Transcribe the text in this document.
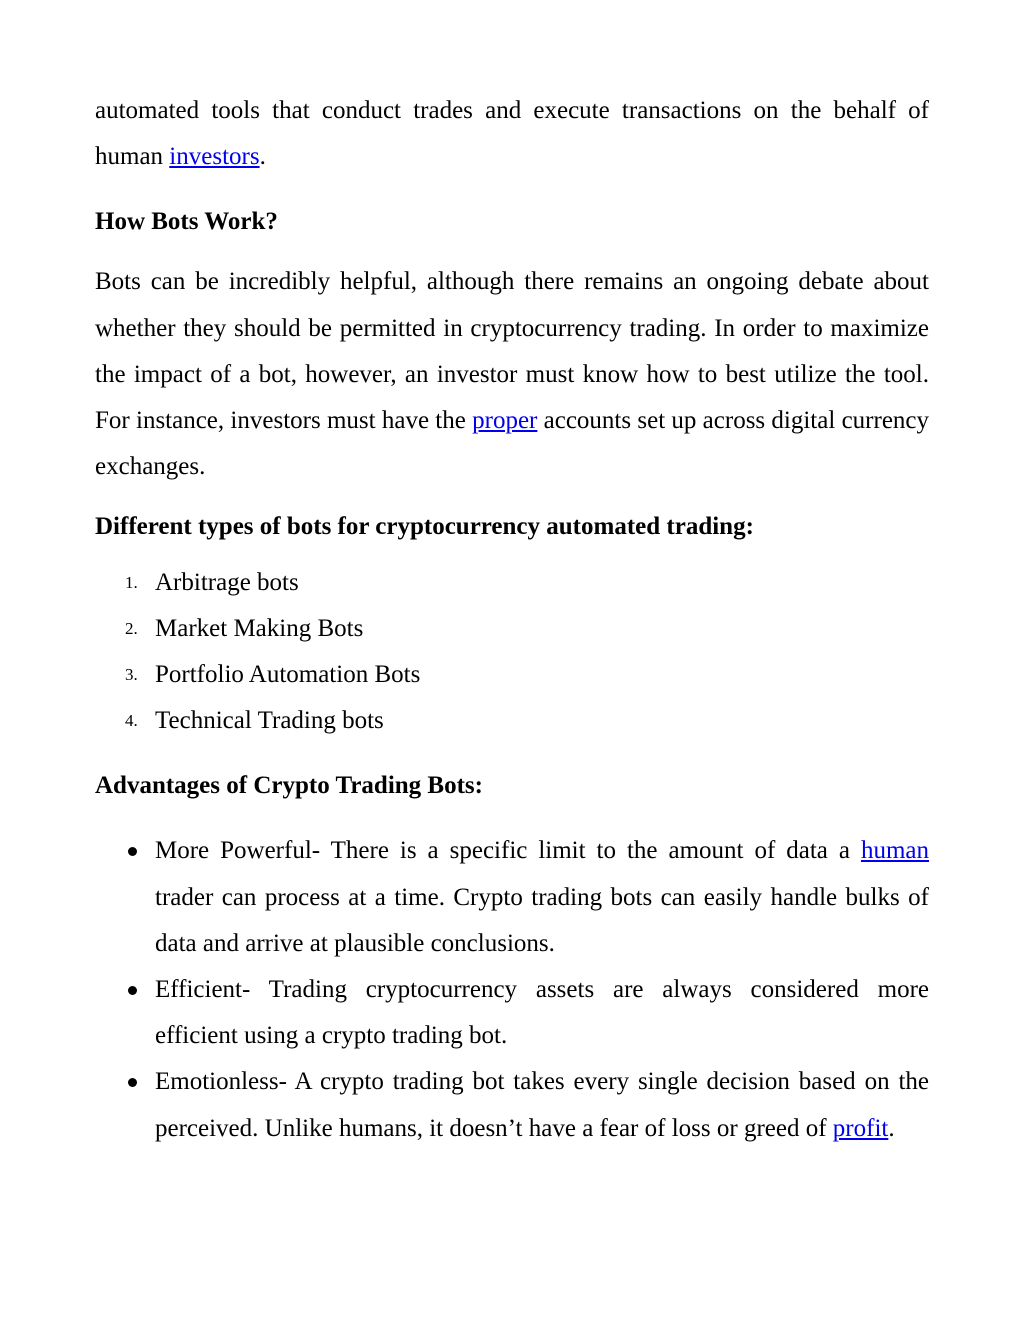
automated tools that conduct trades and execute transactions on the behalf of human investors.

How Bots Work?

Bots can be incredibly helpful, although there remains an ongoing debate about whether they should be permitted in cryptocurrency trading. In order to maximize the impact of a bot, however, an investor must know how to best utilize the tool. For instance, investors must have the proper accounts set up across digital currency exchanges.

Different types of bots for cryptocurrency automated trading:
1. Arbitrage bots
2. Market Making Bots
3. Portfolio Automation Bots
4. Technical Trading bots
Advantages of Crypto Trading Bots:
More Powerful- There is a specific limit to the amount of data a human trader can process at a time. Crypto trading bots can easily handle bulks of data and arrive at plausible conclusions.
Efficient- Trading cryptocurrency assets are always considered more efficient using a crypto trading bot.
Emotionless- A crypto trading bot takes every single decision based on the perceived. Unlike humans, it doesn’t have a fear of loss or greed of profit.
